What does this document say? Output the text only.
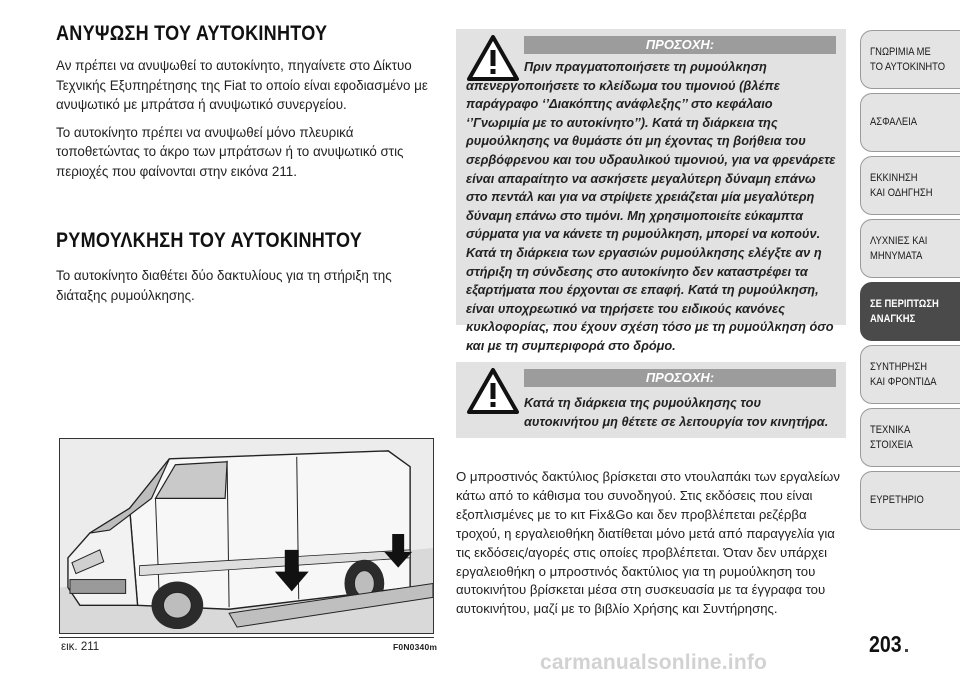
ΑΝΥΨΩΣΗ ΤΟΥ ΑΥΤΟΚΙΝΗΤΟΥ

Αν πρέπει να ανυψωθεί το αυτοκίνητο, πηγαίνετε στο Δίκτυο Τεχνικής Εξυπηρέτησης της Fiat το οποίο είναι εφοδιασμένο με ανυψωτικό με μπράτσα ή ανυψωτικό συνεργείου.

Το αυτοκίνητο πρέπει να ανυψωθεί μόνο πλευρικά τοποθετώντας το άκρο των μπράτσων ή το ανυψωτικό στις περιοχές που φαίνονται στην εικόνα 211.

ΡΥΜΟΥΛΚΗΣΗ ΤΟΥ ΑΥΤΟΚΙΝΗΤΟΥ

Το αυτοκίνητο διαθέτει δύο δακτυλίους για τη στήριξη της διάταξης ρυμούλκησης.

εικ. 211	F0N0340m
ΠΡΟΣΟΧΗ:
Πριν πραγματοποιήσετε τη ρυμούλκηση απενεργοποιήσετε το κλείδωμα του τιμονιού (βλέπε παράγραφο ‘’Διακόπτης ανάφλεξης’’ στο κεφάλαιο ‘’Γνωριμία με το αυτοκίνητο’’). Κατά τη διάρκεια της ρυμούλκησης να θυμάστε ότι μη έχοντας τη βοήθεια του σερβόφρενου και του υδραυλικού τιμονιού, για να φρενάρετε είναι απαραίτητο να ασκήσετε μεγαλύτερη δύναμη επάνω στο πεντάλ και για να στρίψετε χρειάζεται μία μεγαλύτερη δύναμη επάνω στο τιμόνι. Μη χρησιμοποιείτε εύκαμπτα σύρματα για να κάνετε τη ρυμούλκηση, μπορεί να κοπούν. Κατά τη διάρκεια των εργασιών ρυμούλκησης ελέγξτε αν η στήριξη τη σύνδεσης στο αυτοκίνητο δεν καταστρέφει τα εξαρτήματα που έρχονται σε επαφή. Κατά τη ρυμούλκηση, είναι υποχρεωτικό να τηρήσετε του ειδικούς κανόνες κυκλοφορίας, που έχουν σχέση τόσο με τη ρυμούλκηση όσο και με τη συμπεριφορά στο δρόμο.
ΠΡΟΣΟΧΗ:
Κατά τη διάρκεια της ρυμούλκησης του αυτοκινήτου μη θέτετε σε λειτουργία τον κινητήρα.

Ο μπροστινός δακτύλιος βρίσκεται στο ντουλαπάκι των εργαλείων κάτω από το κάθισμα του συνοδηγού. Στις εκδόσεις που είναι εξοπλισμένες με το κιτ Fix&Go και δεν προβλέπεται ρεζέρβα τροχού, η εργαλειοθήκη διατίθεται μόνο μετά από παραγγελία για τις εκδόσεις/αγορές στις οποίες προβλέπεται. Όταν δεν υπάρχει εργαλειοθήκη ο μπροστινός δακτύλιος για τη ρυμούλκηση του αυτοκινήτου βρίσκεται μέσα στη συσκευασία με τα έγγραφα του αυτοκινήτου, μαζί με το βιβλίο Χρήσης και Συντήρησης.

ΓΝΩΡΙΜΙΑ ΜΕ
ΤΟ ΑΥΤΟΚΙΝΗΤΟ
ΑΣΦΑΛΕΙΑ
ΕΚΚΙΝΗΣΗ
ΚΑΙ ΟΔΗΓΗΣΗ
ΛΥΧΝΙΕΣ ΚΑΙ
ΜΗΝΥΜΑΤΑ
ΣΕ ΠΕΡΙΠΤΩΣΗ
ΑΝΑΓΚΗΣ
ΣΥΝΤΗΡΗΣΗ
ΚΑΙ ΦΡΟΝΤΙΔΑ
ΤΕΧΝΙΚΑ
ΣΤΟΙΧΕΙΑ
ΕΥΡΕΤΗΡΙΟ
203
carmanualsonline.info
